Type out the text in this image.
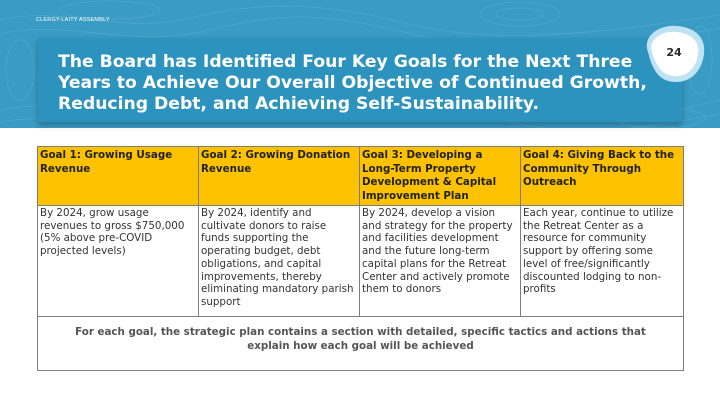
CLERGY-LAITY ASSEMBLY
The Board has Identified Four Key Goals for the Next Three Years to Achieve Our Overall Objective of Continued Growth, Reducing Debt, and Achieving Self-Sustainability.
24
Goal 1: Growing Usage Revenue	Goal 2: Growing Donation Revenue	Goal 3: Developing a Long-Term Property Development & Capital Improvement Plan	Goal 4: Giving Back to the Community Through Outreach
By 2024, grow usage revenues to gross $750,000 (5% above pre-COVID projected levels)	By 2024, identify and cultivate donors to raise funds supporting the operating budget, debt obligations, and capital improvements, thereby eliminating mandatory parish support	By 2024, develop a vision and strategy for the property and facilities development and the future long-term capital plans for the Retreat Center and actively promote them to donors	Each year, continue to utilize the Retreat Center as a resource for community support by offering some level of free/significantly discounted lodging to non-profits
For each goal, the strategic plan contains a section with detailed, specific tactics and actions that explain how each goal will be achieved			
